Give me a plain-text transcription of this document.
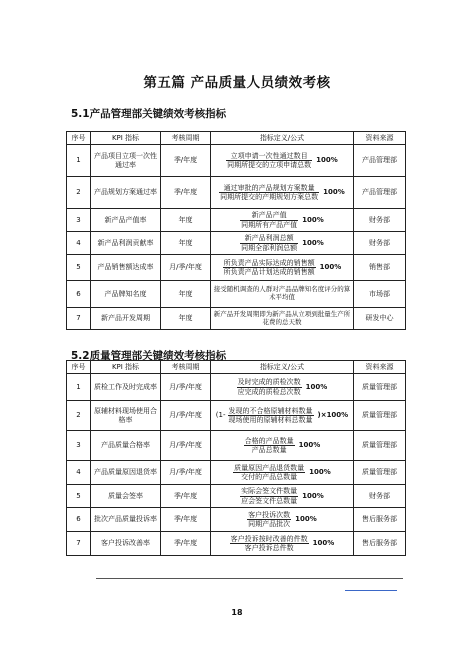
第五篇 产品质量人员绩效考核
5.1产品管理部关键绩效考核指标
序号	KPI 指标	考核周期	指标定义/公式	资料来源
1	产品项目立项一次性通过率	季/年度	$\frac{\text{立项申请一次性通过数目}}{\text{同期所提交的立项申请总数}} 100\%$	产品管理部
2	产品规划方案通过率	季/年度	$\frac{\text{通过审批的产品规划方案数量}}{\text{同期所提交的产期规划方案总数}} 100\%$	产品管理部
3	新产品产值率	年度	$\frac{\text{新产品产值}}{\text{同期所有产品产值}} 100\%$	财务部
4	新产品利润贡献率	年度	$\frac{\text{新产品利润总额}}{\text{同期全部利润总额}} 100\%$	财务部
5	产品销售额达成率	月/季/年度	$\frac{\text{所负责产品实际达成的销售额}}{\text{所负责产品计划达成的销售额}} 100\%$	销售部
6	产品牌知名度	年度	接受随机调查的人群对产品品牌知名度评分的算术平均值	市场部
7	新产品开发周期	年度	新产品开发周期即为新产品从立项到批量生产所花费的总天数	研发中心
5.2质量管理部关键绩效考核指标
序号	KPI 指标	考核周期	指标定义/公式	资料来源
1	质检工作及时完成率	月/季/年度	$\frac{\text{及时完成的质检次数}}{\text{应完成的质检总次数}} 100\%$	质量管理部
2	原辅材料现场使用合格率	月/季/年度	$(1- \frac{\text{发现的不合格原辅材料数量}}{\text{现场使用的原辅材料总数量}} )\times 100\%$	质量管理部
3	产品质量合格率	月/季/年度	$\frac{\text{合格的产品数量}}{\text{产品总数量}} 100\%$	质量管理部
4	产品质量原因退货率	月/季/年度	$\frac{\text{质量原因产品退货数量}}{\text{交付的产品总数量}} 100\%$	质量管理部
5	质量会签率	季/年度	$\frac{\text{实际会签文件数量}}{\text{应会签文件总数量}} 100\%$	财务部
6	批次产品质量投诉率	季/年度	$\frac{\text{客户投诉次数}}{\text{同期产品批次}} 100\%$	售后服务部
7	客户投诉改善率	季/年度	$\frac{\text{客户投诉按时改善的件数}}{\text{客户投诉总件数}} 100\%$	售后服务部
18
